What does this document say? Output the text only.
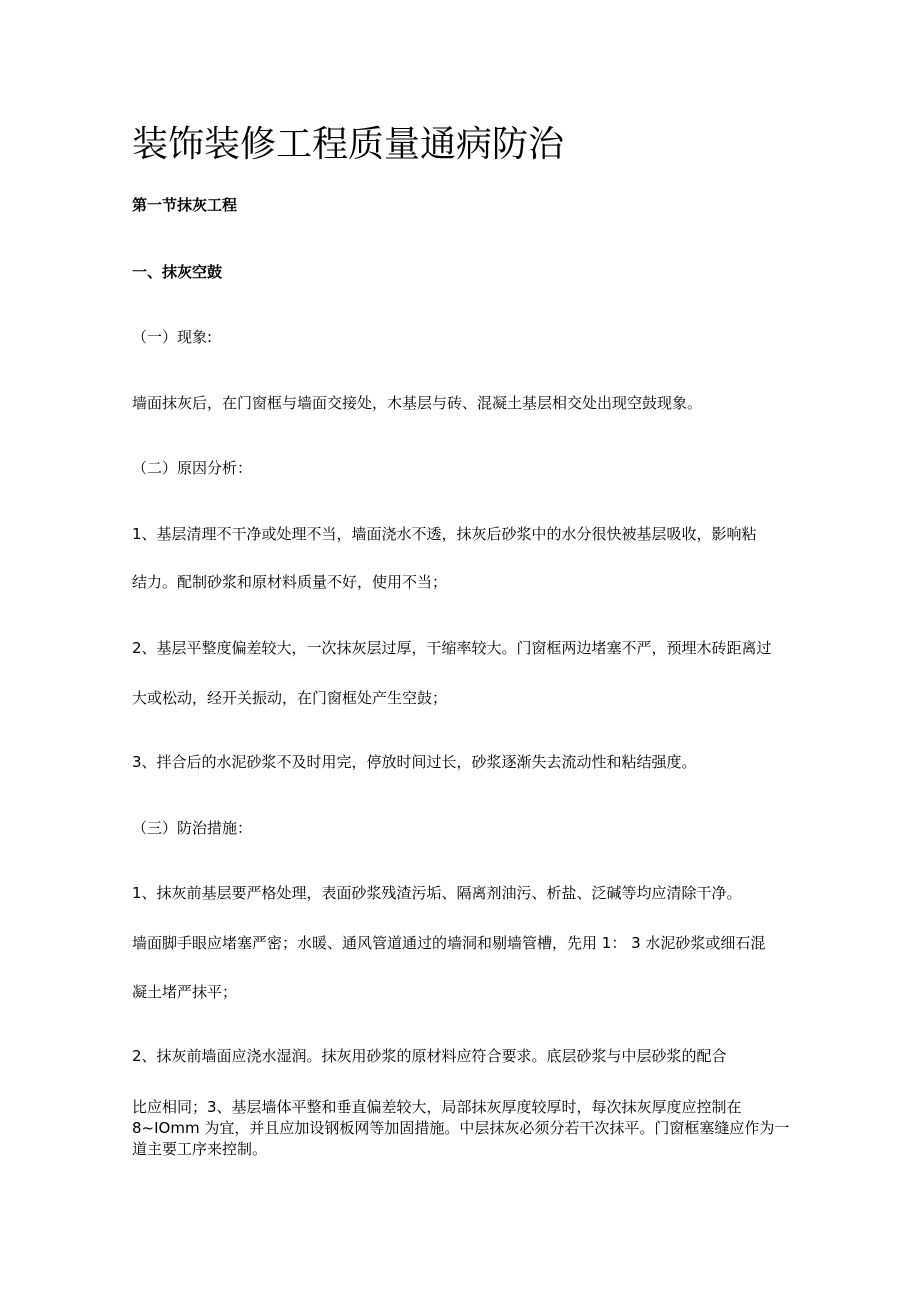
装饰装修工程质量通病防治
第一节抹灰工程
一、抹灰空鼓
（一）现象:
墙面抹灰后，在门窗框与墙面交接处，木基层与砖、混凝土基层相交处出现空鼓现象。
（二）原因分析：
1、基层清理不干净或处理不当，墙面浇水不透，抹灰后砂浆中的水分很快被基层吸收，影响粘
结力。配制砂浆和原材料质量不好，使用不当；
2、基层平整度偏差较大，一次抹灰层过厚，干缩率较大。门窗框两边堵塞不严，预埋木砖距离过
大或松动，经开关振动，在门窗框处产生空鼓；
3、拌合后的水泥砂浆不及时用完，停放时间过长，砂浆逐渐失去流动性和粘结强度。
（三）防治措施：
1、抹灰前基层要严格处理，表面砂浆残渣污垢、隔离剂油污、析盐、泛碱等均应清除干净。
墙面脚手眼应堵塞严密；水暖、通风管道通过的墙洞和剔墙管槽，先用 1： 3 水泥砂浆或细石混
凝土堵严抹平；
2、抹灰前墙面应浇水湿润。抹灰用砂浆的原材料应符合要求。底层砂浆与中层砂浆的配合
比应相同；3、基层墙体平整和垂直偏差较大，局部抹灰厚度较厚时，每次抹灰厚度应控制在 8~IOmm 为宜，并且应加设钢板网等加固措施。中层抹灰必须分若干次抹平。门窗框塞缝应作为一道主要工序来控制。
